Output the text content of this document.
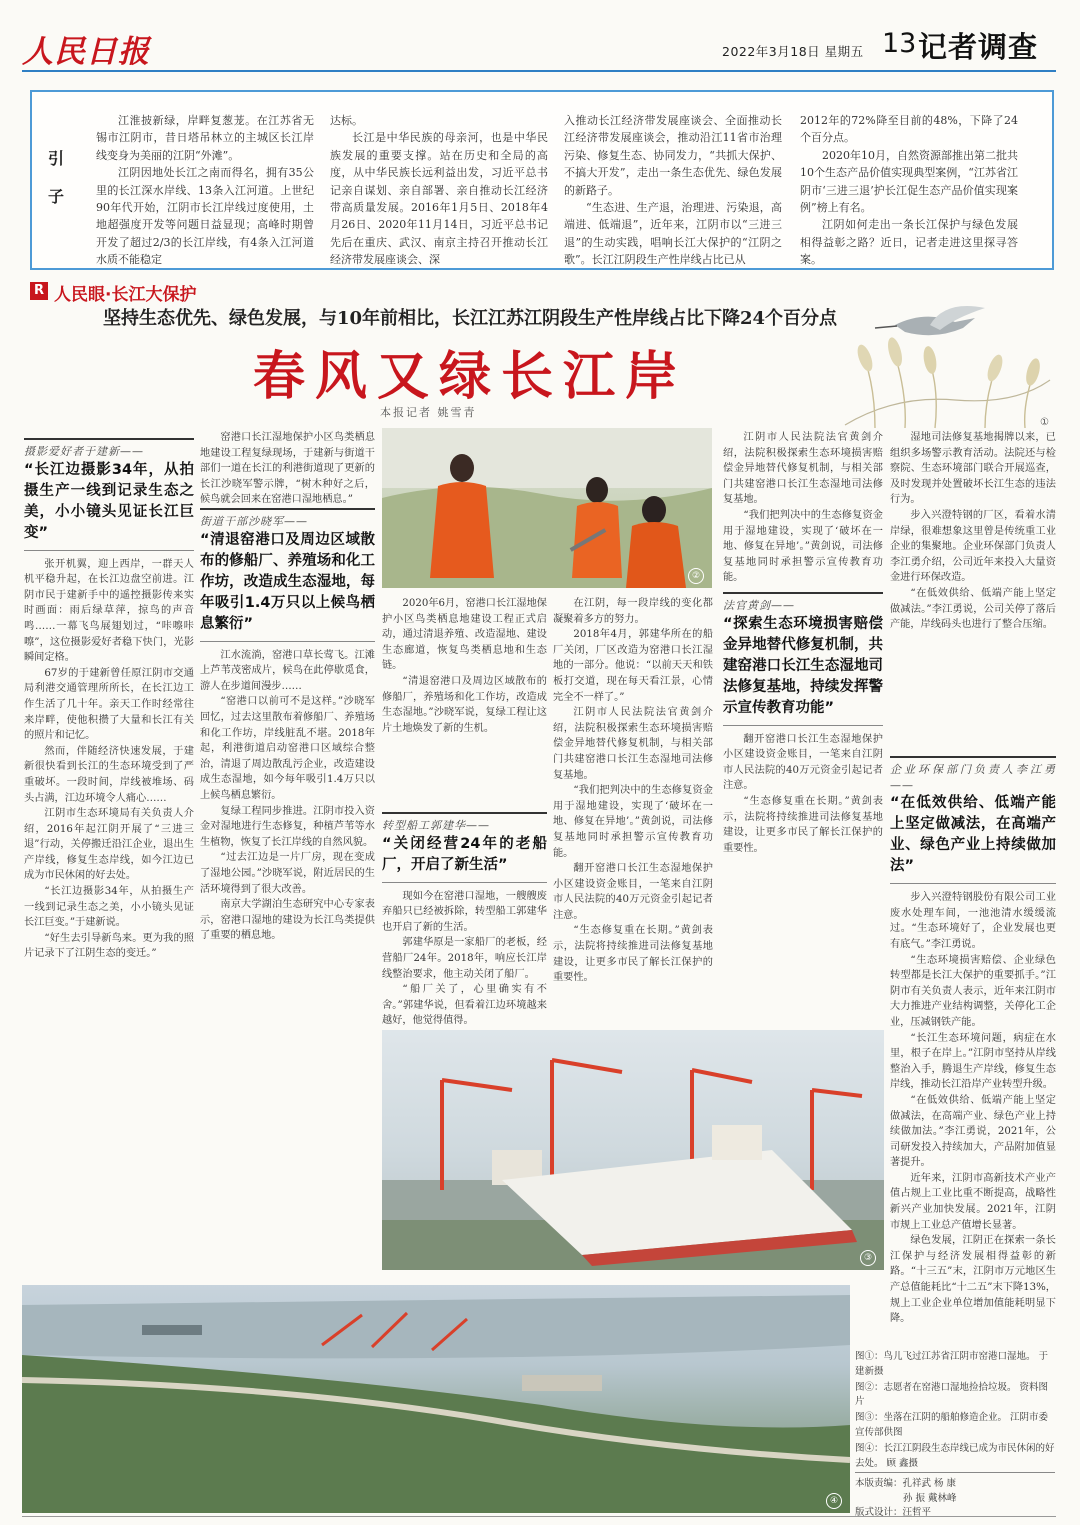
人民日报	2022年3月18日 星期五 13 记者调查
引子

江淮披新绿，岸畔复葱茏。在江苏省无锡市江阴市，昔日塔吊林立的主城区长江岸线变身为美丽的江阴“外滩”。

江阴因地处长江之南而得名，拥有35公里的长江深水岸线、13条入江河道。上世纪90年代开始，江阴市长江岸线过度使用，土地超强度开发等问题日益显现；高峰时期曾开发了超过2/3的长江岸线，有4条入江河道水质不能稳定

达标。

长江是中华民族的母亲河，也是中华民族发展的重要支撑。站在历史和全局的高度，从中华民族长远利益出发，习近平总书记亲自谋划、亲自部署、亲自推动长江经济带高质量发展。2016年1月5日、2018年4月26日、2020年11月14日，习近平总书记先后在重庆、武汉、南京主持召开推动长江经济带发展座谈会、深

入推动长江经济带发展座谈会、全面推动长江经济带发展座谈会，推动沿江11省市治理污染、修复生态、协同发力，“共抓大保护、不搞大开发”，走出一条生态优先、绿色发展的新路子。

“生态进、生产退，治理进、污染退，高端进、低端退”，近年来，江阴市以“三进三退”的生动实践，唱响长江大保护的“江阴之歌”。长江江阴段生产性岸线占比已从

2012年的72%降至目前的48%，下降了24个百分点。

2020年10月，自然资源部推出第二批共10个生态产品价值实现典型案例，“江苏省江阴市‘三进三退’护长江促生态产品价值实现案例”榜上有名。

江阴如何走出一条长江保护与绿色发展相得益彰之路？近日，记者走进这里探寻答案。

R 人民眼·长江大保护
坚持生态优先、绿色发展，与10年前相比，长江江苏江阴段生产性岸线占比下降24个百分点
春风又绿长江岸
本报记者 姚雪青
①
摄影爱好者于建新——
“长江边摄影34年，从拍摄生产一线到记录生态之美，小小镜头见证长江巨变”

张开机翼，迎上西岸，一群天人机平稳升起，在长江边盘空前进。江阴市民于建新手中的遥控摄影传来实时画面：雨后绿草萍，掠鸟的声音鸣……一幕飞鸟展翅划过，“咔嚓咔嚓”，这位摄影爱好者稳下快门，光影瞬间定格。

67岁的于建新曾任原江阴市交通局利港交通管理所所长，在长江边工作生活了几十年。亲天工作时经常往来岸畔，使他积攒了大量和长江有关的照片和记忆。

然而，伴随经济快速发展，于建新很快看到长江的生态环境受到了严重破坏。一段时间，岸线被堆场、码头占满，江边环境令人痛心……

江阴市生态环境局有关负责人介绍，2016年起江阴开展了“三进三退”行动，关停搬迁沿江企业，退出生产岸线，修复生态岸线，如今江边已成为市民休闲的好去处。

“长江边摄影34年，从拍摄生产一线到记录生态之美，小小镜头见证长江巨变。”于建新说。

“好生去引导新鸟来。更为我的照片记录下了江阴生态的变迁。”

②

窑港口长江湿地保护小区鸟类栖息地建设工程复绿现场，于建新与街道干部们一道在长江的利港街道现了更新的长江沙晓军警示牌，“树木种好之后，候鸟就会回来在窑港口湿地栖息。”

街道干部沙晓军——
“清退窑港口及周边区域散布的修船厂、养殖场和化工作坊，改造成生态湿地，每年吸引1.4万只以上候鸟栖息繁衍”

江水流淌，窑港口草长莺飞。江滩上芦苇茂密成片，候鸟在此停歇觅食，游人在步道间漫步……

“窑港口以前可不是这样。”沙晓军回忆，过去这里散布着修船厂、养殖场和化工作坊，岸线脏乱不堪。2018年起，利港街道启动窑港口区域综合整治，清退了周边散乱污企业，改造建设成生态湿地，如今每年吸引1.4万只以上候鸟栖息繁衍。

复绿工程同步推进。江阴市投入资金对湿地进行生态修复，种植芦苇等水生植物，恢复了长江岸线的自然风貌。

“过去江边是一片厂房，现在变成了湿地公园。”沙晓军说，附近居民的生活环境得到了很大改善。

南京大学湖泊生态研究中心专家表示，窑港口湿地的建设为长江鸟类提供了重要的栖息地。

2020年6月，窑港口长江湿地保护小区鸟类栖息地建设工程正式启动，通过清退养殖、改造湿地、建设生态廊道，恢复鸟类栖息地和生态链。

“清退窑港口及周边区域散布的修船厂，养殖场和化工作坊，改造成生态湿地。”沙晓军说，复绿工程让这片土地焕发了新的生机。

转型船工郭建华——
“关闭经营24年的老船厂，开启了新生活”

现如今在窑港口湿地，一艘艘废弃船只已经被拆除，转型船工郭建华也开启了新的生活。

郭建华原是一家船厂的老板，经营船厂24年。2018年，响应长江岸线整治要求，他主动关闭了船厂。

“船厂关了，心里确实有不舍。”郭建华说，但看着江边环境越来越好，他觉得值得。

在江阴，每一段岸线的变化都凝聚着多方的努力。

2018年4月，郭建华所在的船厂关闭，厂区改造为窑港口长江湿地的一部分。他说：“以前天天和铁板打交道，现在每天看江景，心情完全不一样了。”

江阴市人民法院法官黄剑介绍，法院积极探索生态环境损害赔偿金异地替代修复机制，与相关部门共建窑港口长江生态湿地司法修复基地。

“我们把判决中的生态修复资金用于湿地建设，实现了‘破坏在一地、修复在异地’。”黄剑说，司法修复基地同时承担警示宣传教育功能。

翻开窑港口长江生态湿地保护小区建设资金账目，一笔来自江阴市人民法院的40万元资金引起记者注意。

“生态修复重在长期。”黄剑表示，法院将持续推进司法修复基地建设，让更多市民了解长江保护的重要性。

江阴市人民法院法官黄剑介绍，法院积极探索生态环境损害赔偿金异地替代修复机制，与相关部门共建窑港口长江生态湿地司法修复基地。

“我们把判决中的生态修复资金用于湿地建设，实现了‘破坏在一地、修复在异地’。”黄剑说，司法修复基地同时承担警示宣传教育功能。

法官黄剑——
“探索生态环境损害赔偿金异地替代修复机制，共建窑港口长江生态湿地司法修复基地，持续发挥警示宣传教育功能”

翻开窑港口长江生态湿地保护小区建设资金账目，一笔来自江阴市人民法院的40万元资金引起记者注意。

“生态修复重在长期。”黄剑表示，法院将持续推进司法修复基地建设，让更多市民了解长江保护的重要性。

湿地司法修复基地揭牌以来，已组织多场警示教育活动。法院还与检察院、生态环境部门联合开展巡查，及时发现并处置破坏长江生态的违法行为。

步入兴澄特钢的厂区，看着水清岸绿，很难想象这里曾是传统重工业企业的集聚地。企业环保部门负责人李江勇介绍，公司近年来投入大量资金进行环保改造。

“在低效供给、低端产能上坚定做减法。”李江勇说，公司关停了落后产能，岸线码头也进行了整合压缩。

企业环保部门负责人李江勇——
“在低效供给、低端产能上坚定做减法，在高端产业、绿色产业上持续做加法”

步入兴澄特钢股份有限公司工业废水处理车间，一池池清水缓缓流过。“生态环境好了，企业发展也更有底气。”李江勇说。

“生态环境损害赔偿、企业绿色转型都是长江大保护的重要抓手。”江阴市有关负责人表示，近年来江阴市大力推进产业结构调整，关停化工企业，压减钢铁产能。

“长江生态环境问题，病症在水里，根子在岸上。”江阴市坚持从岸线整治入手，腾退生产岸线，修复生态岸线，推动长江沿岸产业转型升级。

“在低效供给、低端产能上坚定做减法，在高端产业、绿色产业上持续做加法。”李江勇说，2021年，公司研发投入持续加大，产品附加值显著提升。

近年来，江阴市高新技术产业产值占规上工业比重不断提高，战略性新兴产业加快发展。2021年，江阴市规上工业总产值增长显著。

绿色发展，江阴正在探索一条长江保护与经济发展相得益彰的新路。“十三五”末，江阴市万元地区生产总值能耗比“十二五”末下降13%，规上工业企业单位增加值能耗明显下降。

③
④

图①：鸟儿飞过江苏省江阴市窑港口湿地。 于建新摄

图②：志愿者在窑港口湿地捡拾垃圾。 资料图片

图③：坐落在江阴的船舶修造企业。 江阴市委宣传部供图

图④：长江江阴段生态岸线已成为市民休闲的好去处。 顾 鑫摄

本版责编：孔祥武 杨 康
孙 振 戴林峰
版式设计：汪哲平
